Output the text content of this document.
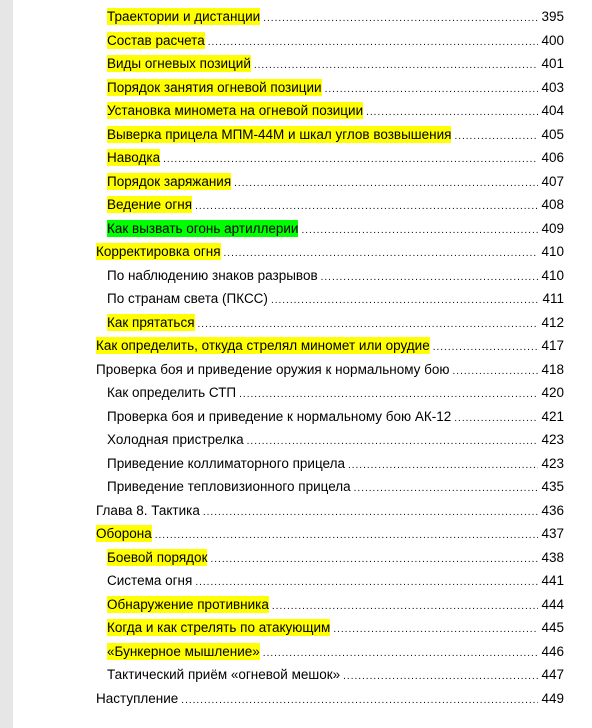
Траектории и дистанции .....	395
Состав расчета .....	400
Виды огневых позиций .....	401
Порядок занятия огневой позиции .....	403
Установка миномета на огневой позиции .....	404
Выверка прицела МПМ-44М и шкал углов возвышения .....	405
Наводка .....	406
Порядок заряжания .....	407
Ведение огня .....	408
Как вызвать огонь артиллерии .....	409
Корректировка огня .....	410
По наблюдению знаков разрывов .....	410
По странам света (ПКСС) .....	411
Как прятаться .....	412
Как определить, откуда стрелял миномет или орудие .....	417
Проверка боя и приведение оружия к нормальному бою .....	418
Как определить СТП .....	420
Проверка боя и приведение к нормальному бою АК-12 .....	421
Холодная пристрелка .....	423
Приведение коллиматорного прицела .....	423
Приведение тепловизионного прицела .....	435
Глава 8. Тактика .....	436
Оборона .....	437
Боевой порядок .....	438
Система огня .....	441
Обнаружение противника .....	444
Когда и как стрелять по атакующим .....	445
«Бункерное мышление» .....	446
Тактический приём «огневой мешок» .....	447
Наступление .....	449
